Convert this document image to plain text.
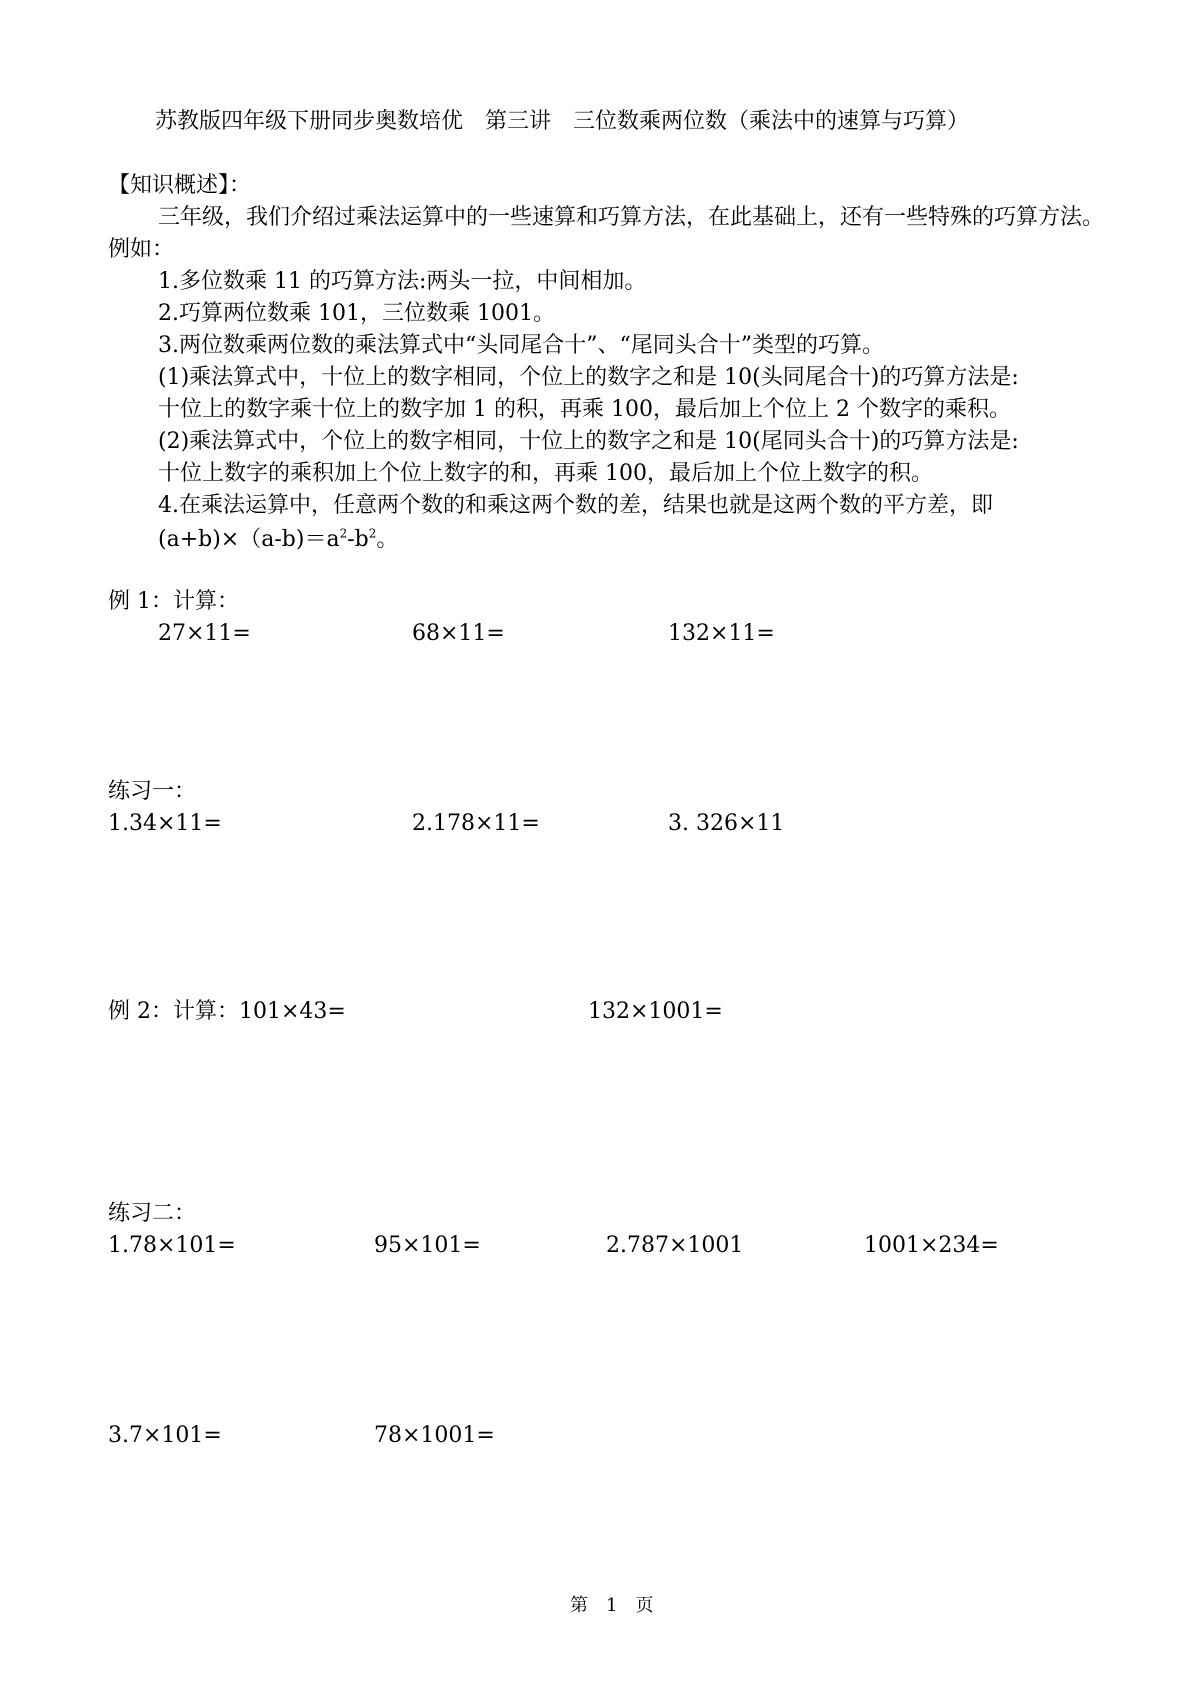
苏教版四年级下册同步奥数培优　第三讲　三位数乘两位数（乘法中的速算与巧算）
【知识概述】：
三年级，我们介绍过乘法运算中的一些速算和巧算方法，在此基础上，还有一些特殊的巧算方法。例如：
1.多位数乘 11 的巧算方法:两头一拉，中间相加。
2.巧算两位数乘 101，三位数乘 1001。
3.两位数乘两位数的乘法算式中“头同尾合十”、“尾同头合十”类型的巧算。
(1)乘法算式中，十位上的数字相同，个位上的数字之和是 10(头同尾合十)的巧算方法是:
十位上的数字乘十位上的数字加 1 的积，再乘 100，最后加上个位上 2 个数字的乘积。
(2)乘法算式中，个位上的数字相同，十位上的数字之和是 10(尾同头合十)的巧算方法是:
十位上数字的乘积加上个位上数字的和，再乘 100，最后加上个位上数字的积。
4.在乘法运算中，任意两个数的和乘这两个数的差，结果也就是这两个数的平方差，即
$(a+b)\times(a-b)=a^2-b^2$。
例 1：计算：
27×11=	68×11=	132×11=
练习一：
1.34×11=	2.178×11=	3. 326×11
例 2：计算：101×43=	132×1001=
练习二：
1.78×101=	95×101=	2.787×1001	1001×234=
3.7×101=	78×1001=
第　1　页
